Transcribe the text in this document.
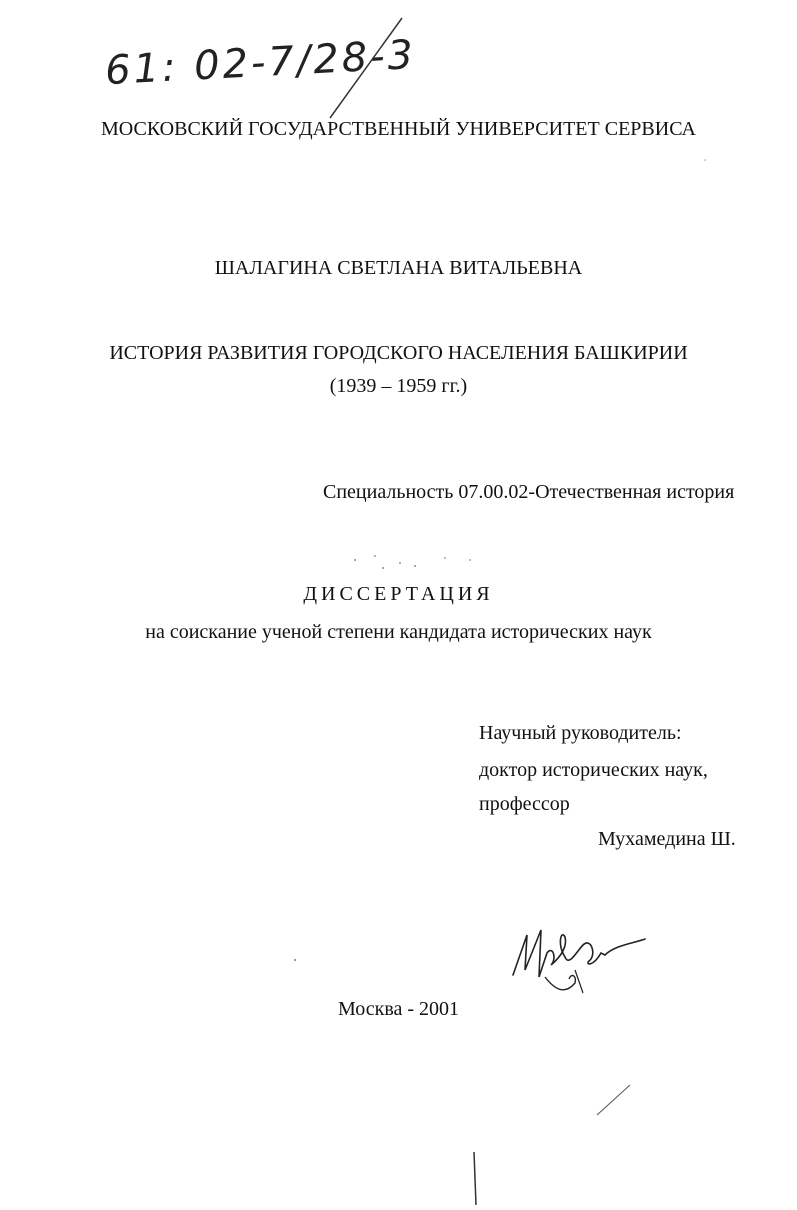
61: 02-7/28-3
МОСКОВСКИЙ ГОСУДАРСТВЕННЫЙ УНИВЕРСИТЕТ СЕРВИСА
ШАЛАГИНА СВЕТЛАНА ВИТАЛЬЕВНА
ИСТОРИЯ РАЗВИТИЯ ГОРОДСКОГО НАСЕЛЕНИЯ БАШКИРИИ
(1939 – 1959 гг.)
Специальность 07.00.02-Отечественная история
ДИССЕРТАЦИЯ
на соискание ученой степени кандидата исторических наук
Научный руководитель:
доктор исторических наук,
профессор
Мухамедина Ш.
Москва - 2001
